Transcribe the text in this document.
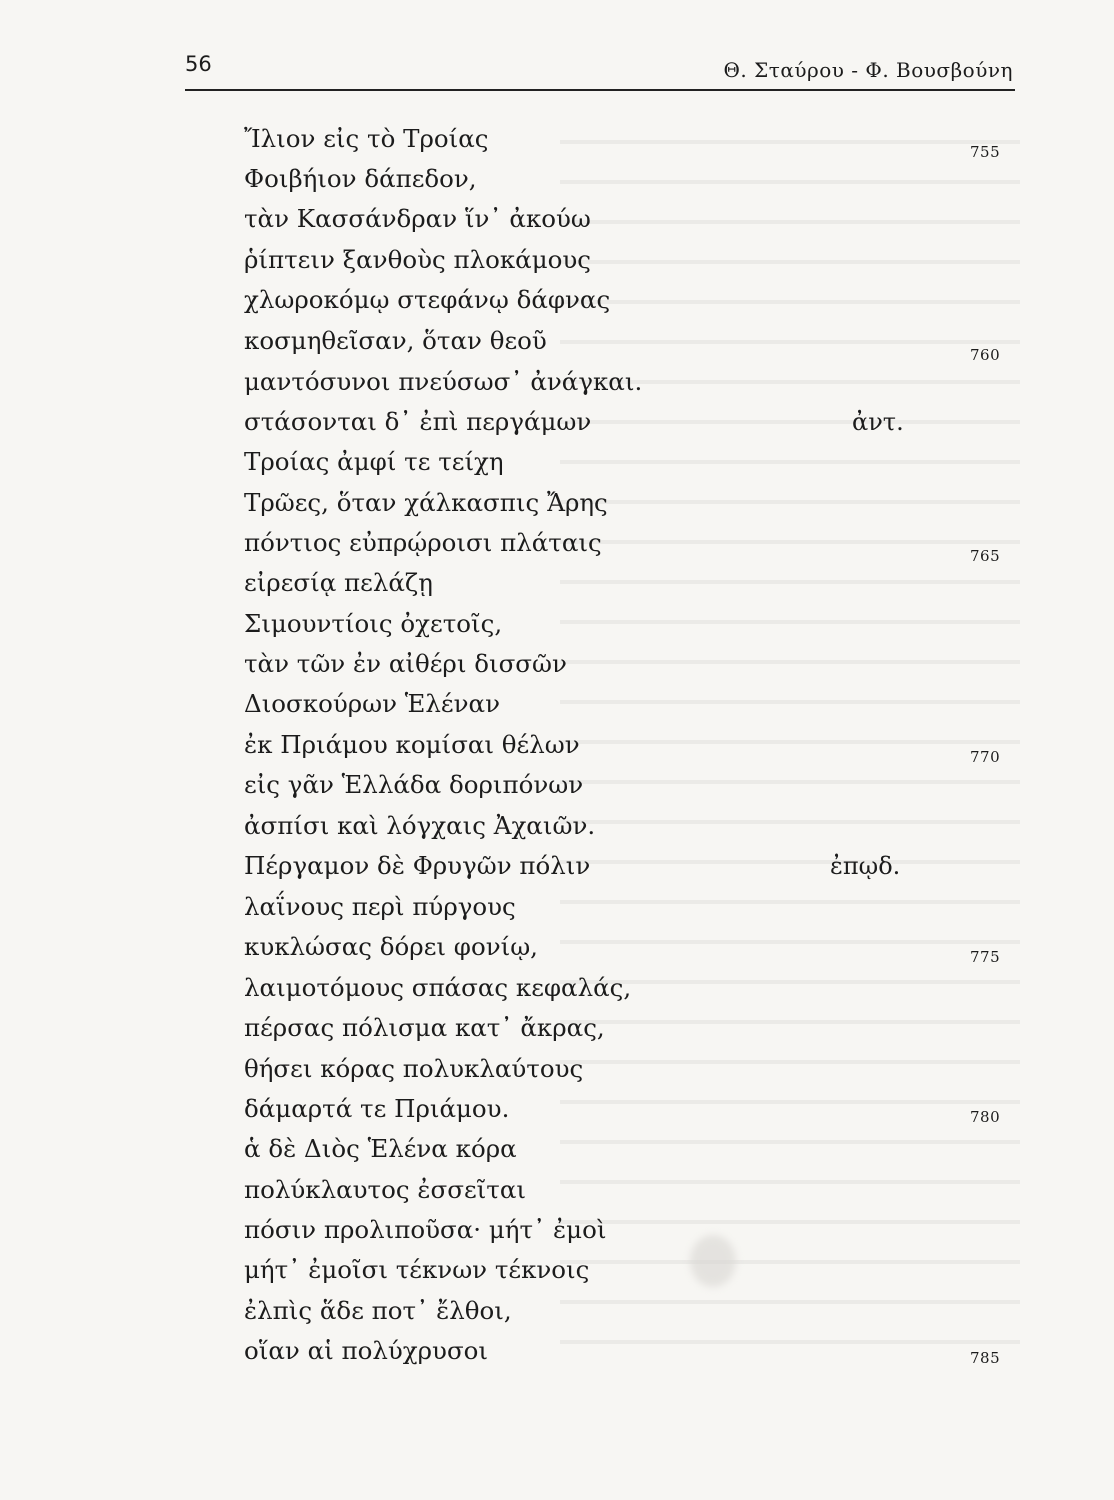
56	Θ. Σταύρου - Φ. Βουσβούνη
Ἴλιον εἰς τὸ Τροίας
Φοιβήιον δάπεδον,
τὰν Κασσάνδραν ἵν᾽ ἀκούω
ῥίπτειν ξανθοὺς πλοκάμους
χλωροκόμῳ στεφάνῳ δάφνας
κοσμηθεῖσαν, ὅταν θεοῦ
μαντόσυνοι πνεύσωσ᾽ ἀνάγκαι.
στάσονται δ᾽ ἐπὶ περγάμων
Τροίας ἀμφί τε τείχη
Τρῶες, ὅταν χάλκασπις Ἄρης
πόντιος εὐπρῴροισι πλάταις
εἰρεσίᾳ πελάζῃ
Σιμουντίοις ὀχετοῖς,
τὰν τῶν ἐν αἰθέρι δισσῶν
Διοσκούρων Ἑλέναν
ἐκ Πριάμου κομίσαι θέλων
εἰς γᾶν Ἑλλάδα δοριπόνων
ἀσπίσι καὶ λόγχαις Ἀχαιῶν.
Πέργαμον δὲ Φρυγῶν πόλιν
λαΐνους περὶ πύργους
κυκλώσας δόρει φονίῳ,
λαιμοτόμους σπάσας κεφαλάς,
πέρσας πόλισμα κατ᾽ ἄκρας,
θήσει κόρας πολυκλαύτους
δάμαρτά τε Πριάμου.
ἁ δὲ Διὸς Ἑλένα κόρα
πολύκλαυτος ἐσσεῖται
πόσιν προλιποῦσα· μήτ᾽ ἐμοὶ
μήτ᾽ ἐμοῖσι τέκνων τέκνοις
ἐλπὶς ἅδε ποτ᾽ ἔλθοι,
οἵαν αἱ πολύχρυσοι
ἀντ.
ἐπῳδ.
755
760
765
770
775
780
785
